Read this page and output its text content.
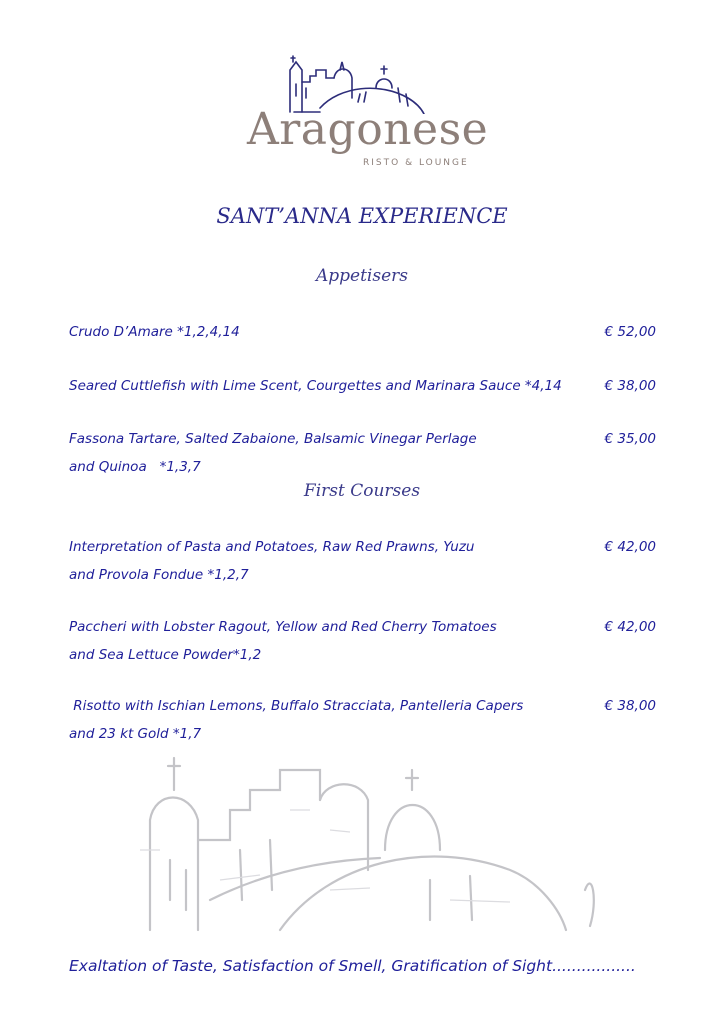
Aragonese
RISTO & LOUNGE
SANT’ANNA EXPERIENCE
Appetisers
Crudo D’Amare *1,2,4,14	€ 52,00
Seared Cuttlefish with Lime Scent, Courgettes and Marinara Sauce *4,14	€ 38,00
Fassona Tartare, Salted Zabaione, Balsamic Vinegar Perlage
and Quinoa   *1,3,7
€ 35,00
First Courses
Interpretation of Pasta and Potatoes, Raw Red Prawns, Yuzu
and Provola Fondue *1,2,7
€ 42,00
Paccheri with Lobster Ragout, Yellow and Red Cherry Tomatoes
and Sea Lettuce Powder*1,2
€ 42,00
Risotto with Ischian Lemons, Buffalo Stracciata, Pantelleria Capers
and 23 kt Gold *1,7
€ 38,00
Exaltation of Taste, Satisfaction of Smell, Gratification of Sight.................
